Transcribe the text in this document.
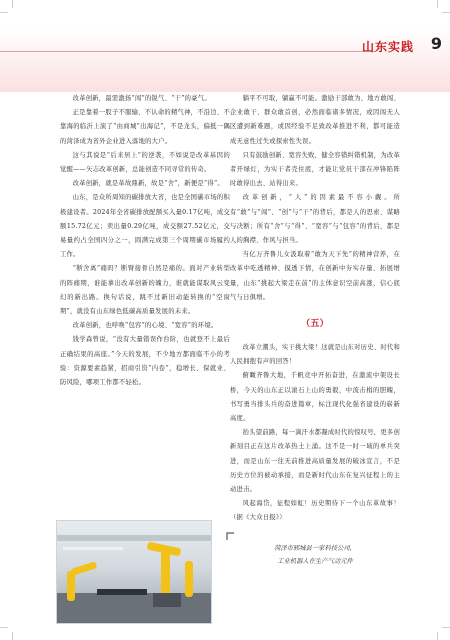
山东实践 9

改革创新，最需激扬“闯”的锐气、“干”的豪气。

正是靠着一股子不服输、不认命的精气神，不沿边、不靠海的临沂上演了“由商城”出海记”，不是龙头，偏抵一隅的菏泽成为省外企业进入落地的大户。

这与其说是“后来居上”的逆袭，不如说是改革基因的觉醒——矢志改革创新，总能创造不同寻常的传奇。

改革创新，就是革故鼎新，故是“舍”，新便是“得”。

山东，是众所周知的碳排放大省，也是全国碳市场的积极建设者。2024年全省碳排放配额买入量0.17亿吨，成交额15.72亿元；卖出量0.29亿吨，成交额27.52亿元，交易量约占全国四分之一，圆满完成第三个周期碳市场履约工作。

“断舍离”痛吗？断臂接骨自然是痛的。面对产业转型的阵痛期，谁能拿出改革创新的魄力，谁就能谋取风云变幻的新出路。换句话说，跳不过新旧动能转换的“空窗期”，就没有山东绿色低碳高质量发展的未来。

改革创新，也呼唤“包容”的心境、“宽容”的环境。

钱学森曾说，“没有大量错误作台阶，也就登不上最后正确结果的高座。”今天的发展，不少地方都面临不小的考验：资源要素趋紧，招商引资“内卷”，稳增长、保就业、防风险，哪项工作都不轻松。

躺平不可取，躺赢不可能。激励干部敢为、地方敢闯、企业敢干、群众敢首创，必然面临诸多情况，或因闯无人区遭到新难题，或因经验不足致改革推进不利，都可能造成无意性过失或探索性失误。

只有鼓励创新、宽容失败，健全容错纠错机制，为改革者开绿灯，为实干者壳住底，才能让党员干部在冲锋陷阵时敢得出去、站得出来。

改革创新，“人”的因素最不容小觑。所有“敢”与“闯”、“创”与“干”的背后，都是人的思索、谋略与决断；所有“舍”与“得”、“宽容”与“包容”的背后，都是人的胸襟、作风与担当。

当亿万齐鲁儿女汲取着“敢为天下先”的精神营养，在改革中吃透精神、摸透下情，在创新中夯实存量、拓展增量，山东“挑起大梁走在前”的主体意识空前高涨，信心底气与日俱增。

（五）

改革立潮头，实干挑大梁！这就是山东对历史、时代和人民拥抱有声的回答！

俯瞰齐鲁大地，千帆竞中开拓奋进，在激流中架设长桥，今天的山东正以滚石上山的勇毅，中流击楫的胆魄，书写勇当排头兵的奋进篇章，标注现代化强省建设的崭新高度。

抬头望前路，每一滴汗水都凝成时代的惊叹号，更多创新刻目正在这片改革热土上涌。这不是一时一域的单兵突进，而是山东一往无前推进高质量发展的破冰宣言，不是历史方位的被动承接，而是新时代山东在复兴征程上的主动进击。

风起海岱，征程如虹！历史期待下一个山东革故事！（据《大众日报》）

菏泽市郓城县一家科技公司，
工业机器人在生产气动元件
